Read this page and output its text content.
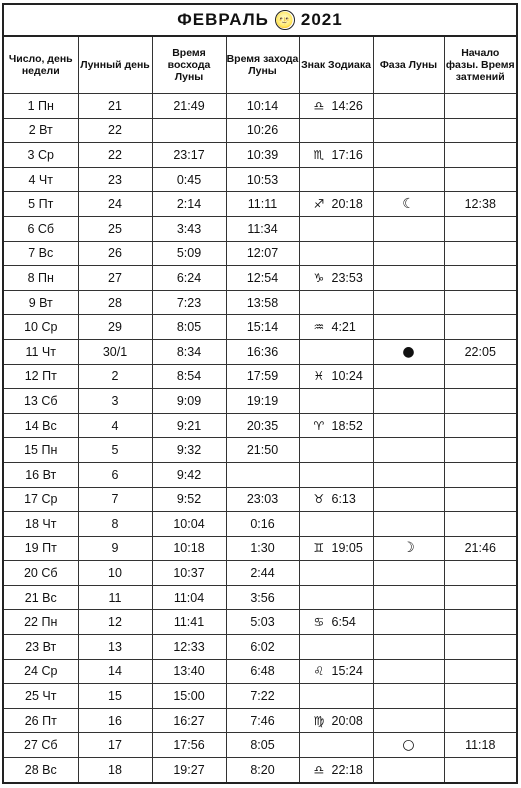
ФЕВРАЛЬ 🌝 2021
Число, день недели	Лунный день	Время восхода Луны	Время захода Луны	Знак Зодиака	Фаза Луны	Начало фазы. Время затмений
1 Пн	21	21:49	10:14	♎ 14:26		
2 Вт	22		10:26			
3 Ср	22	23:17	10:39	♏ 17:16		
4 Чт	23	0:45	10:53			
5 Пт	24	2:14	11:11	♐ 20:18	☾	12:38
6 Сб	25	3:43	11:34			
7 Вс	26	5:09	12:07			
8 Пн	27	6:24	12:54	♑ 23:53		
9 Вт	28	7:23	13:58			
10 Ср	29	8:05	15:14	♒ 4:21		
11 Чт	30/1	8:34	16:36		●	22:05
12 Пт	2	8:54	17:59	♓ 10:24		
13 Сб	3	9:09	19:19			
14 Вс	4	9:21	20:35	♈ 18:52		
15 Пн	5	9:32	21:50			
16 Вт	6	9:42				
17 Ср	7	9:52	23:03	♉ 6:13		
18 Чт	8	10:04	0:16			
19 Пт	9	10:18	1:30	♊ 19:05	☽	21:46
20 Сб	10	10:37	2:44			
21 Вс	11	11:04	3:56			
22 Пн	12	11:41	5:03	♋ 6:54		
23 Вт	13	12:33	6:02			
24 Ср	14	13:40	6:48	♌ 15:24		
25 Чт	15	15:00	7:22			
26 Пт	16	16:27	7:46	♍ 20:08		
27 Сб	17	17:56	8:05		○	11:18
28 Вс	18	19:27	8:20	♎ 22:18		
